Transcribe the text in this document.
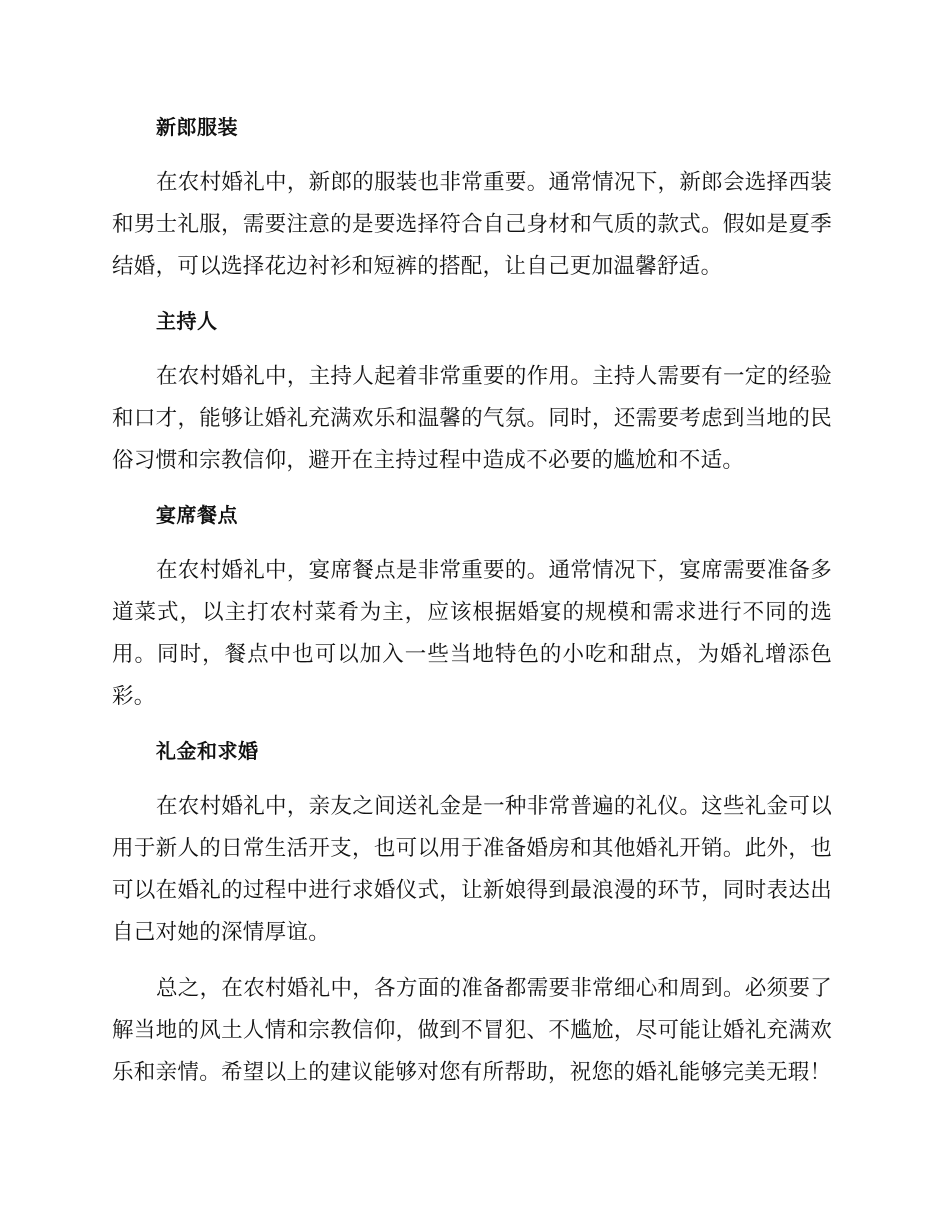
新郎服装

在农村婚礼中，新郎的服装也非常重要。通常情况下，新郎会选择西装和男士礼服，需要注意的是要选择符合自己身材和气质的款式。假如是夏季结婚，可以选择花边衬衫和短裤的搭配，让自己更加温馨舒适。

主持人

在农村婚礼中，主持人起着非常重要的作用。主持人需要有一定的经验和口才，能够让婚礼充满欢乐和温馨的气氛。同时，还需要考虑到当地的民俗习惯和宗教信仰，避开在主持过程中造成不必要的尴尬和不适。

宴席餐点

在农村婚礼中，宴席餐点是非常重要的。通常情况下，宴席需要准备多道菜式，以主打农村菜肴为主，应该根据婚宴的规模和需求进行不同的选用。同时，餐点中也可以加入一些当地特色的小吃和甜点，为婚礼增添色彩。

礼金和求婚

在农村婚礼中，亲友之间送礼金是一种非常普遍的礼仪。这些礼金可以用于新人的日常生活开支，也可以用于准备婚房和其他婚礼开销。此外，也可以在婚礼的过程中进行求婚仪式，让新娘得到最浪漫的环节，同时表达出自己对她的深情厚谊。

总之，在农村婚礼中，各方面的准备都需要非常细心和周到。必须要了解当地的风土人情和宗教信仰，做到不冒犯、不尴尬，尽可能让婚礼充满欢乐和亲情。希望以上的建议能够对您有所帮助，祝您的婚礼能够完美无瑕！
